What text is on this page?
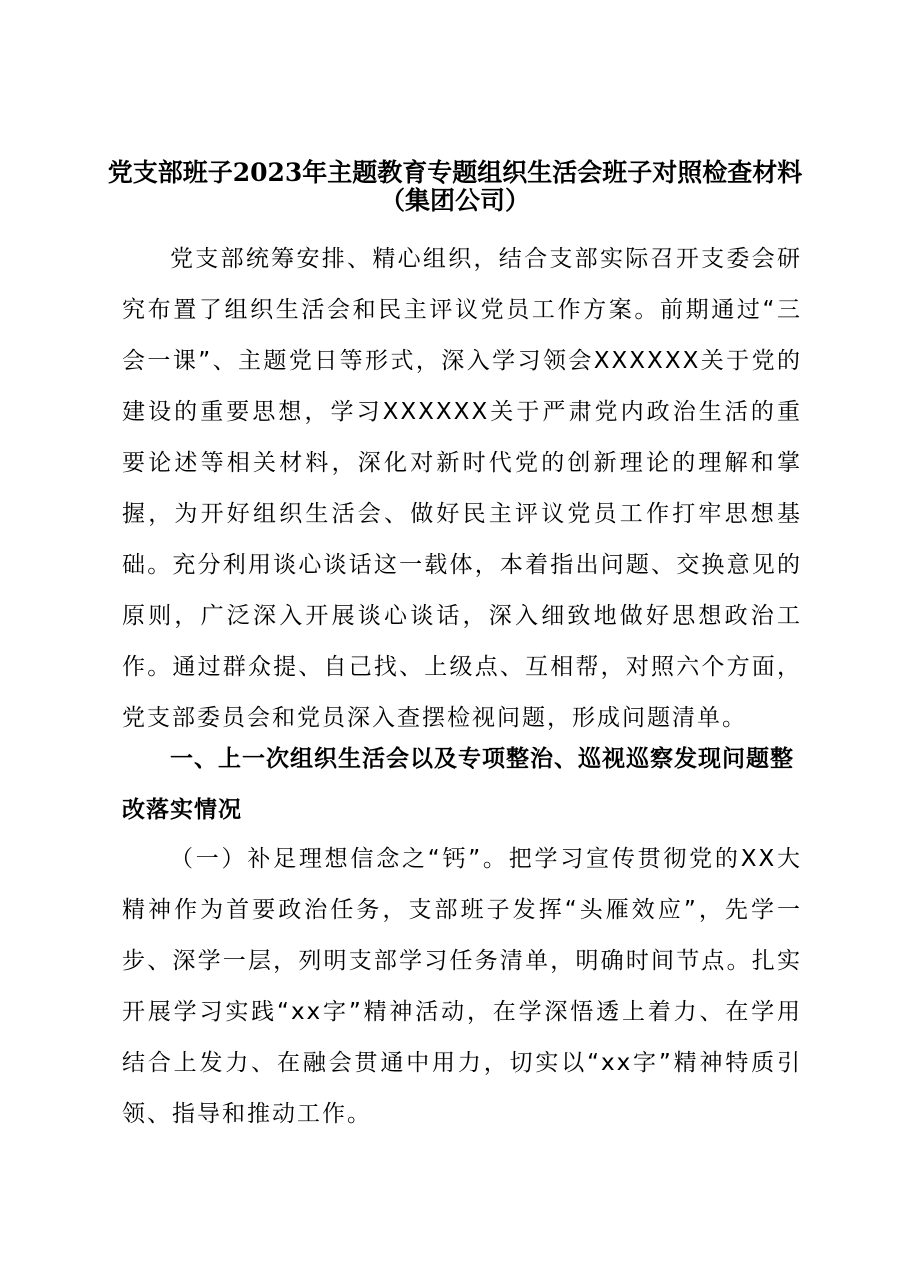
党支部班子2023年主题教育专题组织生活会班子对照检查材料
（集团公司）

党支部统筹安排、精心组织，结合支部实际召开支委会研究布置了组织生活会和民主评议党员工作方案。前期通过“三会一课”、主题党日等形式，深入学习领会XXXXXX关于党的建设的重要思想，学习XXXXXX关于严肃党内政治生活的重要论述等相关材料，深化对新时代党的创新理论的理解和掌握，为开好组织生活会、做好民主评议党员工作打牢思想基础。充分利用谈心谈话这一载体，本着指出问题、交换意见的原则，广泛深入开展谈心谈话，深入细致地做好思想政治工作。通过群众提、自己找、上级点、互相帮，对照六个方面，党支部委员会和党员深入查摆检视问题，形成问题清单。

一、上一次组织生活会以及专项整治、巡视巡察发现问题整改落实情况

（一）补足理想信念之“钙”。把学习宣传贯彻党的XX大精神作为首要政治任务，支部班子发挥“头雁效应”，先学一步、深学一层，列明支部学习任务清单，明确时间节点。扎实开展学习实践“xx字”精神活动，在学深悟透上着力、在学用结合上发力、在融会贯通中用力，切实以“xx字”精神特质引领、指导和推动工作。
